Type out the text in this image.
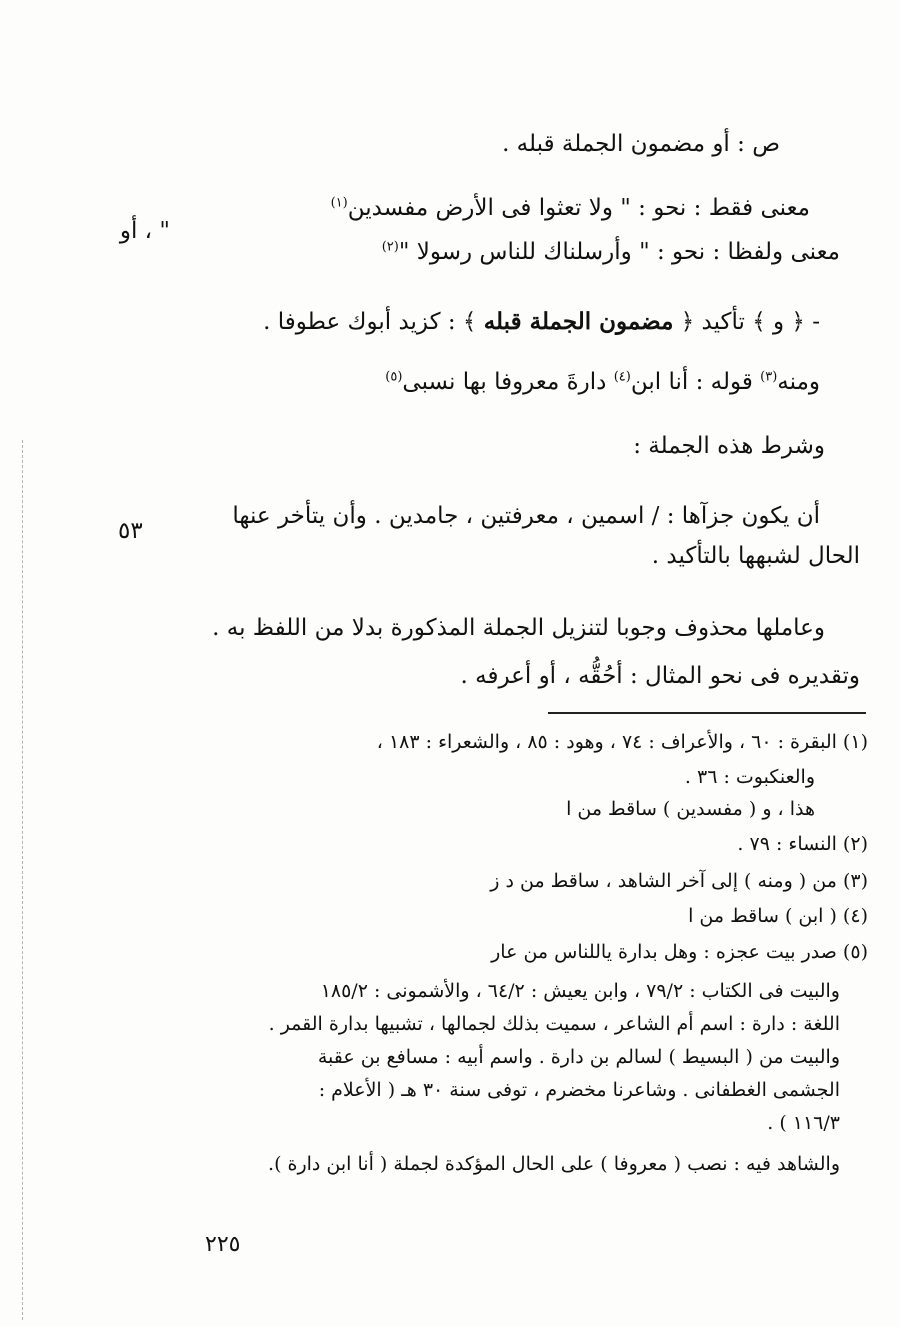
ص : أو مضمون الجملة قبله .
معنى فقط : نحو : " ولا تعثوا فى الأرض مفسدين$^{(١)}$
" ، أو
معنى ولفظا : نحو : " وأرسلناك للناس رسولا "$^{(٢)}$
- ﴿ و ﴾ تأكيد ﴿ مضمون الجملة قبله ﴾ : كزيد أبوك عطوفا .
ومنه$^{(٣)}$ قوله : أنا ابن$^{(٤)}$ دارةَ معروفا بها نسبى$^{(٥)}$
وشرط هذه الجملة :
أن يكون جزآها : / اسمين ، معرفتين ، جامدين . وأن يتأخر عنها
٥٣
الحال لشبهها بالتأكيد .
وعاملها محذوف وجوبا لتنزيل الجملة المذكورة بدلا من اللفظ به .
وتقديره فى نحو المثال : أحُقُّه ، أو أعرفه .
(١) البقرة : ٦٠ ، والأعراف : ٧٤ ، وهود : ٨٥ ، والشعراء : ١٨٣ ،
والعنكبوت : ٣٦ .
هذا ، و ( مفسدين ) ساقط من ا
(٢) النساء : ٧٩ .
(٣) من ( ومنه ) إلى آخر الشاهد ، ساقط من د ز
(٤) ( ابن ) ساقط من ا
(٥) صدر بيت عجزه : وهل بدارة ياللناس من عار
والبيت فى الكتاب : ٧٩/٢ ، وابن يعيش : ٦٤/٢ ، والأشمونى : ١٨٥/٢
اللغة : دارة : اسم أم الشاعر ، سميت بذلك لجمالها ، تشبيها بدارة القمر .
والبيت من ( البسيط ) لسالم بن دارة . واسم أبيه : مسافع بن عقبة
الجشمى الغطفانى . وشاعرنا مخضرم ، توفى سنة ٣٠ هـ ( الأعلام :
١١٦/٣ ) .
والشاهد فيه : نصب ( معروفا ) على الحال المؤكدة لجملة ( أنا ابن دارة ).
٢٢٥
